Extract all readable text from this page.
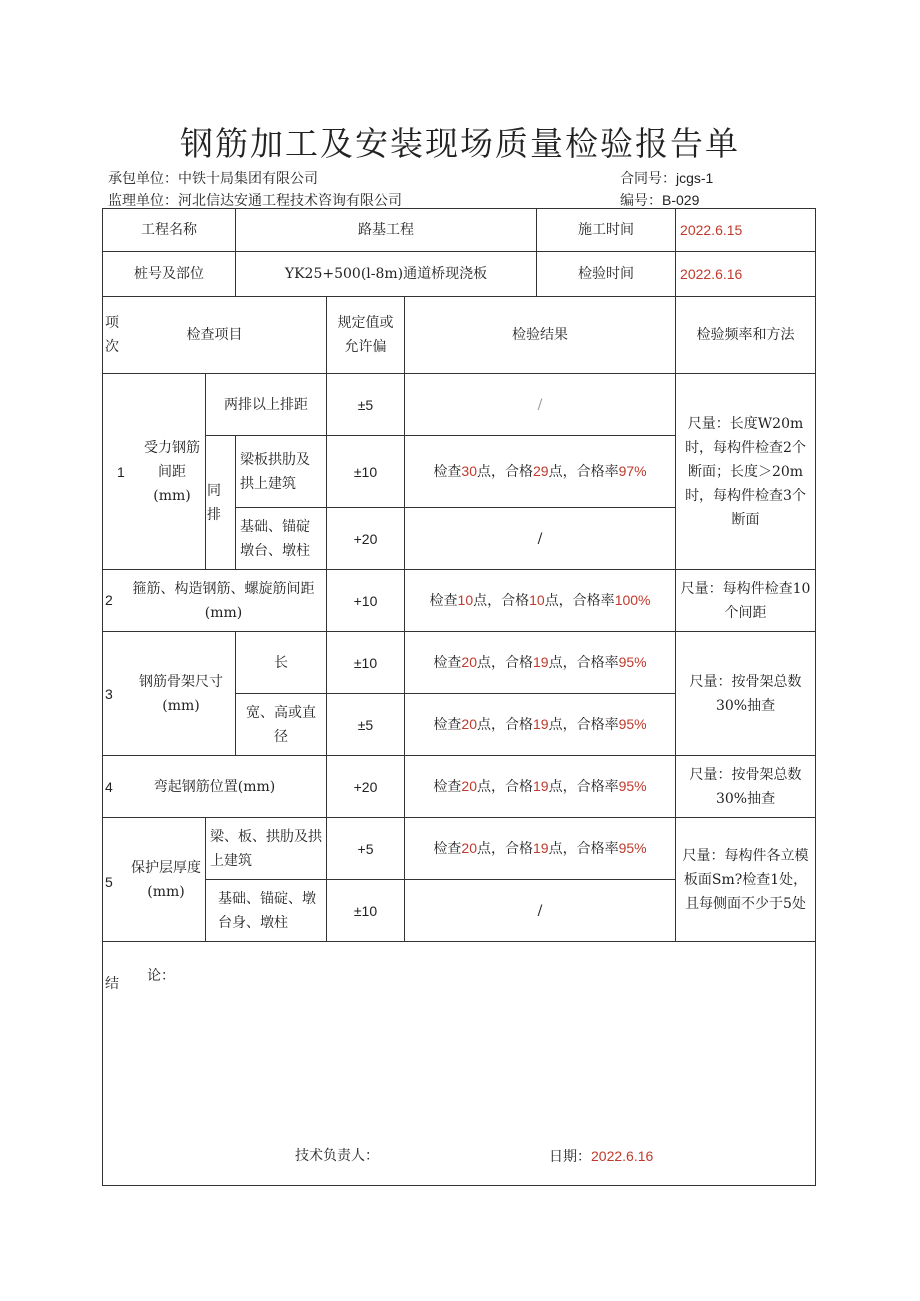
钢筋加工及安装现场质量检验报告单
承包单位：中铁十局集团有限公司
监理单位：河北信达安通工程技术咨询有限公司
合同号：jcgs-1
编号：B-029
工程名称		路基工程			施工时间	2022.6.15
桩号及部位		YK25+500(l-8m)通道桥现浇板			检验时间	2022.6.16

项次
检查项目			规定值或允许偏	检验结果		检验频率和方法

1
受力钢筋间距(mm)	两排以上排距		±5	/		尺量：长度W20m时，每构件检查2个断面；长度＞20m时，每构件检查3个断面
	同排	梁板拱肋及拱上建筑	±10	检查30点，合格29点，合格率97%		
		基础、锚碇墩台、墩柱	+20	/		

2
箍筋、构造钢筋、螺旋筋间距(mm)			+10	检查10点，合格10点，合格率100%		尺量：每构件检查10个间距

3
钢筋骨架尺寸(mm)		长	±10	检查20点，合格19点，合格率95%		尺量：按骨架总数30%抽查
		宽、高或直径	±5	检查20点，合格19点，合格率95%		

4 弯起钢筋位置(mm)			+20	检查20点，合格19点，合格率95%		尺量：按骨架总数30%抽查

5
保护层厚度(mm)	梁、板、拱肋及拱上建筑		+5	检查20点，合格19点，合格率95%		尺量：每构件各立模板面Sm?检查1处，且每侧面不少于5处
	基础、锚碇、墩台身、墩柱		±10	/		

结 论：
技术负责人： 日期：2022.6.16						
